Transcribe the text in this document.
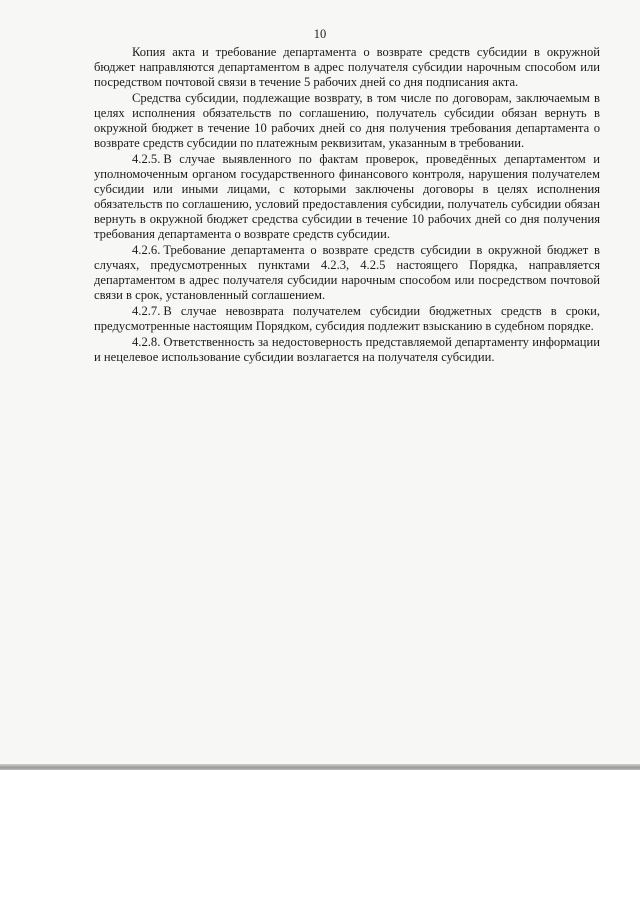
10

Копия акта и требование департамента о возврате средств субсидии в окружной бюджет направляются департаментом в адрес получателя субсидии нарочным способом или посредством почтовой связи в течение 5 рабочих дней со дня подписания акта.

Средства субсидии, подлежащие возврату, в том числе по договорам, заключаемым в целях исполнения обязательств по соглашению, получатель субсидии обязан вернуть в окружной бюджет в течение 10 рабочих дней со дня получения требования департамента о возврате средств субсидии по платежным реквизитам, указанным в требовании.

4.2.5. В случае выявленного по фактам проверок, проведённых департаментом и уполномоченным органом государственного финансового контроля, нарушения получателем субсидии или иными лицами, с которыми заключены договоры в целях исполнения обязательств по соглашению, условий предоставления субсидии, получатель субсидии обязан вернуть в окружной бюджет средства субсидии в течение 10 рабочих дней со дня получения требования департамента о возврате средств субсидии.

4.2.6. Требование департамента о возврате средств субсидии в окружной бюджет в случаях, предусмотренных пунктами 4.2.3, 4.2.5 настоящего Порядка, направляется департаментом в адрес получателя субсидии нарочным способом или посредством почтовой связи в срок, установленный соглашением.

4.2.7. В случае невозврата получателем субсидии бюджетных средств в сроки, предусмотренные настоящим Порядком, субсидия подлежит взысканию в судебном порядке.

4.2.8. Ответственность за недостоверность представляемой департаменту информации и нецелевое использование субсидии возлагается на получателя субсидии.
